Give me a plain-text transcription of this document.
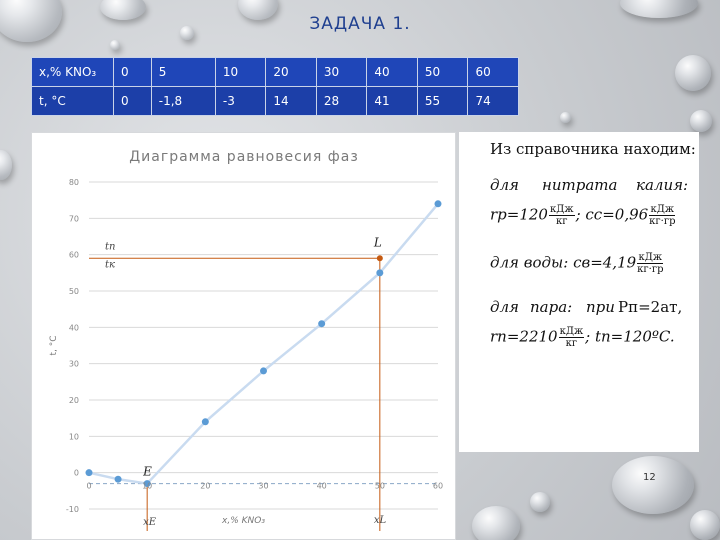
ЗАДАЧА 1.
x,% KNO₃	0	5	10	20	30	40	50	60
t, °C	0	-1,8	-3	14	28	41	55	74
Диаграмма равновесия фаз
80
70
60
50
40
30
20
10
0
-10
0	10	20	30	40	50	60
t, °C
x,% KNO₃
L
E
tп
tк
xЕ	xL
Из справочника находим:
для нитрата калия:
$rр=120 \frac{\text{кДж}}{кг}$ ; $сс=0,96 \frac{\text{кДж}}{кг\cdot гр}$
для воды: $св=4,19 \frac{\text{кДж}}{кг\cdot гр}$
для пара: при Рп=2ат,
$rп=2210 \frac{\text{кДж}}{кг}$ ; tп=120ºC.
12
